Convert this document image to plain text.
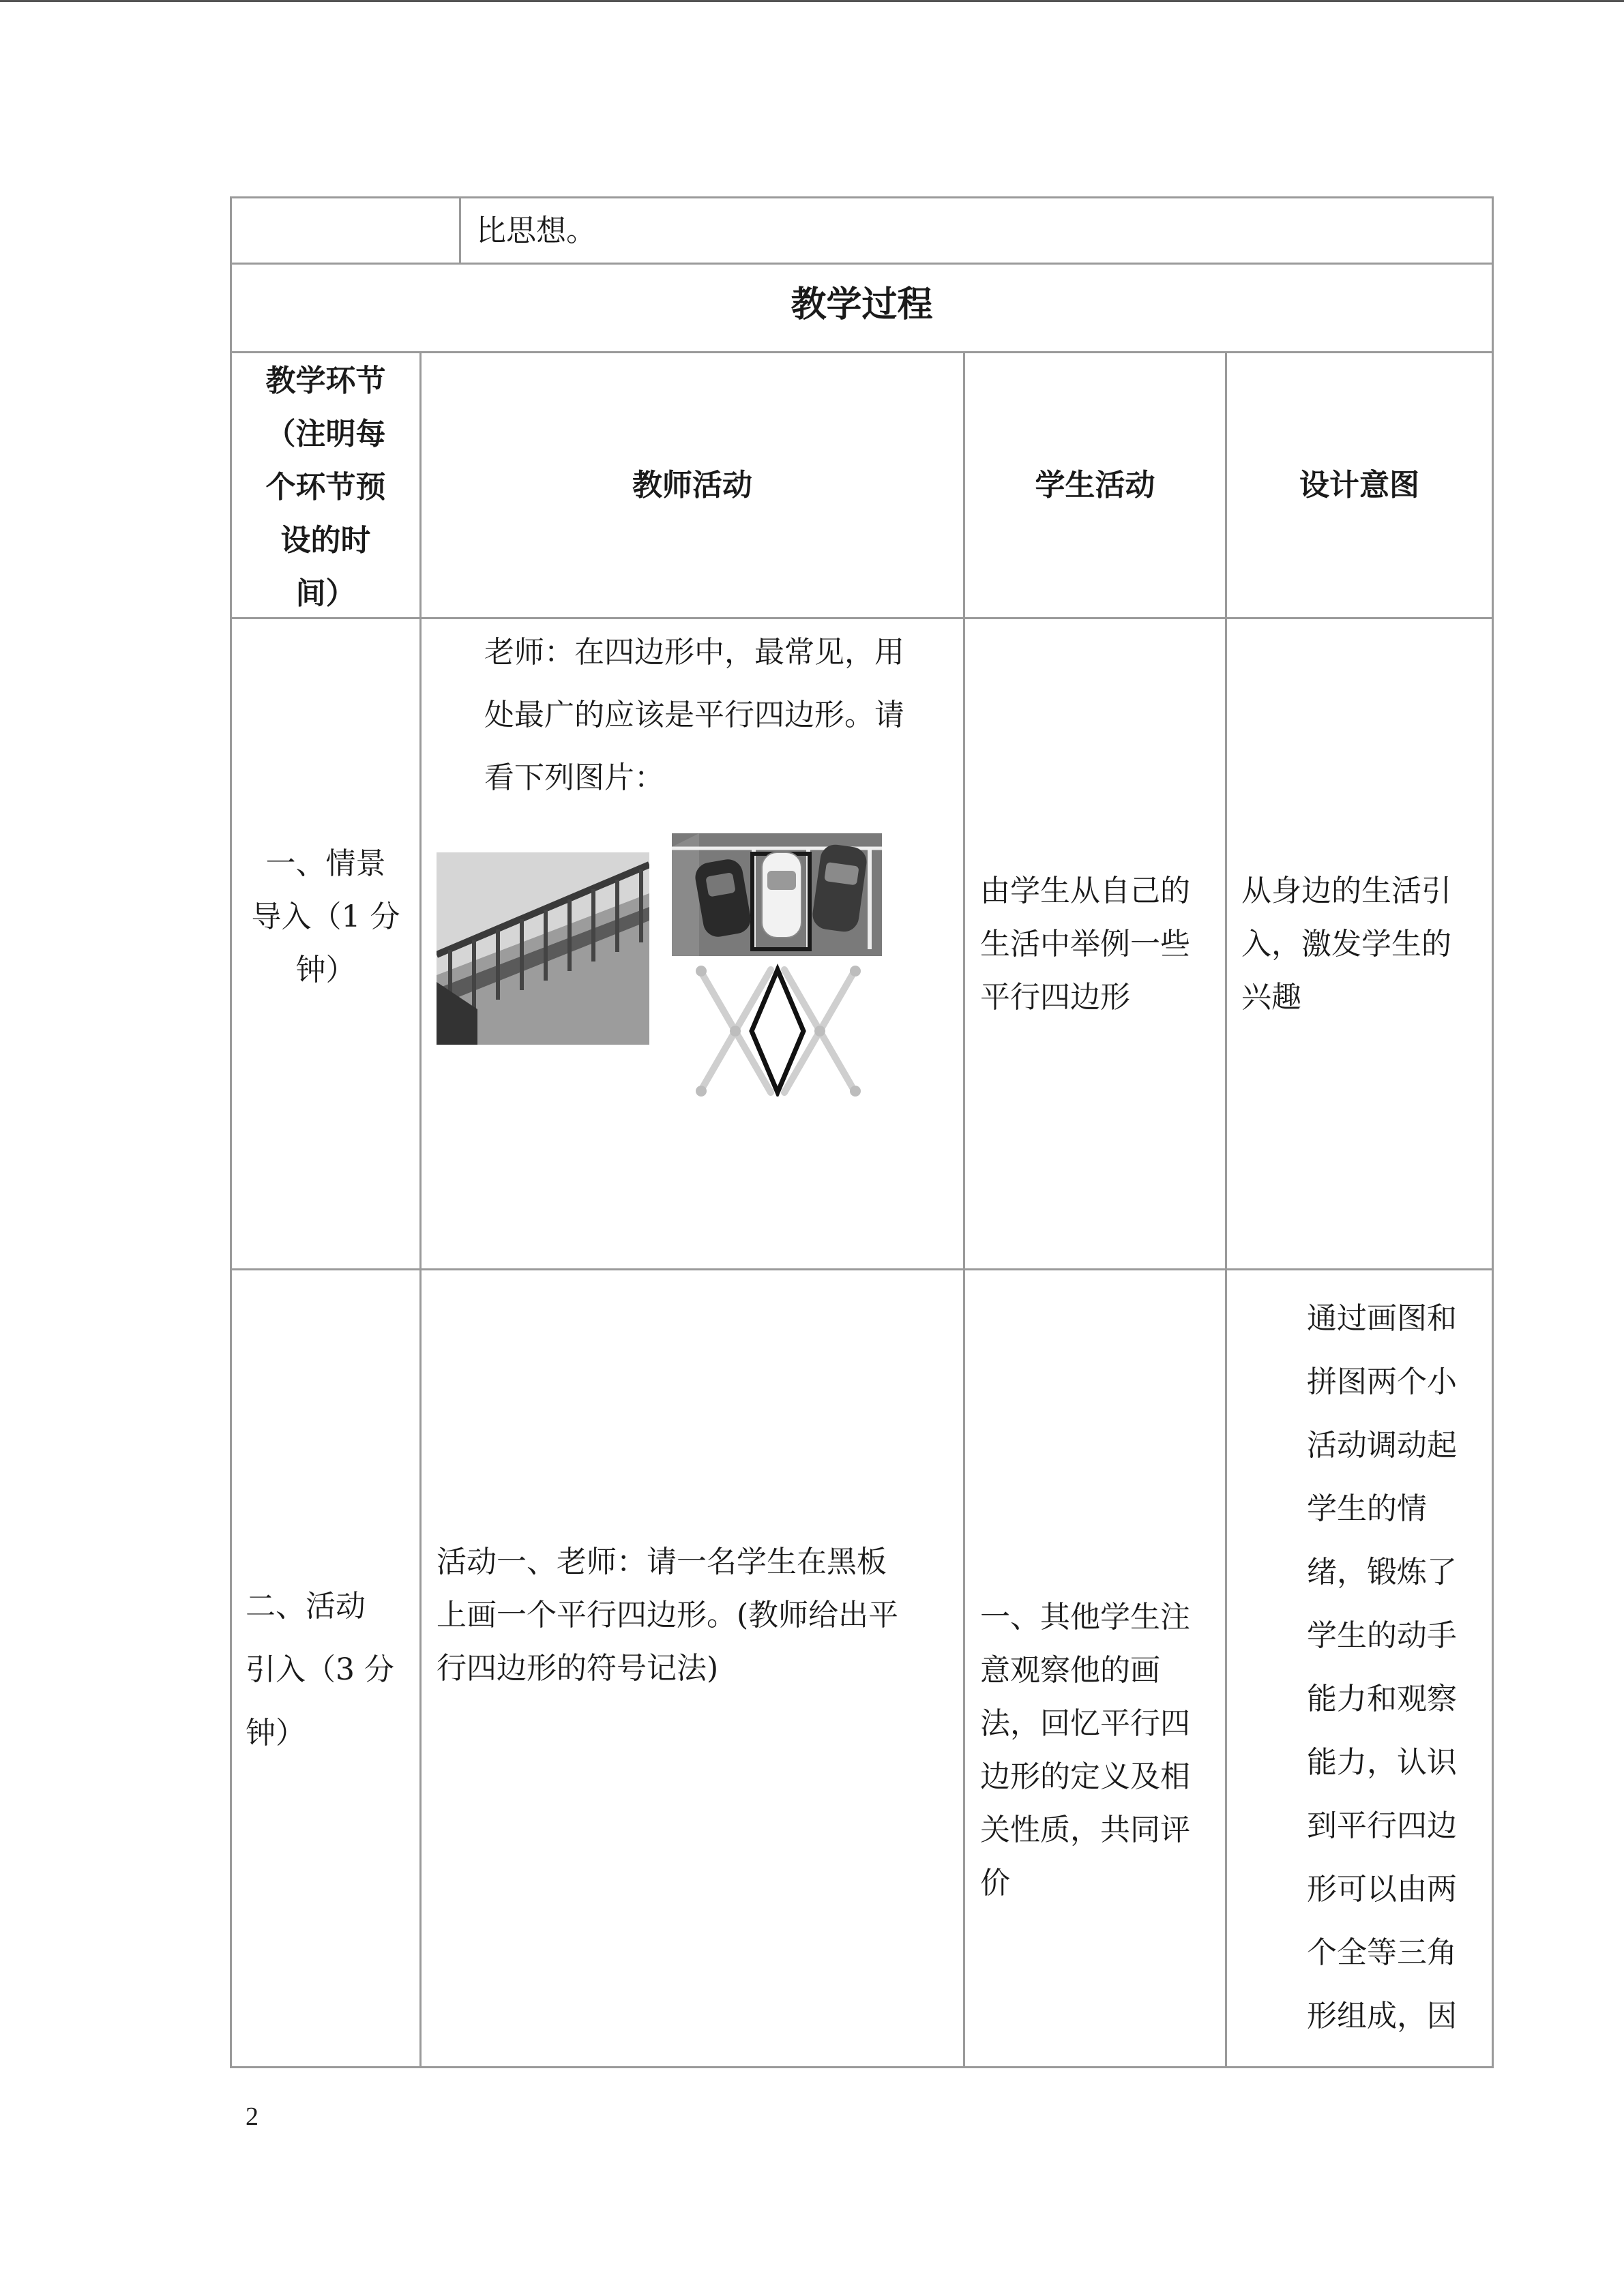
比思想。
教学过程
教学环节
（注明每
个环节预
设的时
间）
教师活动	学生活动	设计意图
一、情景
导入（1 分
钟）
老师：在四边形中，最常见，用
处最广的应该是平行四边形。请
看下列图片：
由学生从自己的
生活中举例一些
平行四边形
从身边的生活引
入，激发学生的
兴趣
二、活动
引入（3 分
钟）
活动一、老师：请一名学生在黑板
上画一个平行四边形。(教师给出平
行四边形的符号记法)
一、其他学生注
意观察他的画
法，回忆平行四
边形的定义及相
关性质，共同评
价
通过画图和
拼图两个小
活动调动起
学生的情
绪，锻炼了
学生的动手
能力和观察
能力，认识
到平行四边
形可以由两
个全等三角
形组成，因
2
